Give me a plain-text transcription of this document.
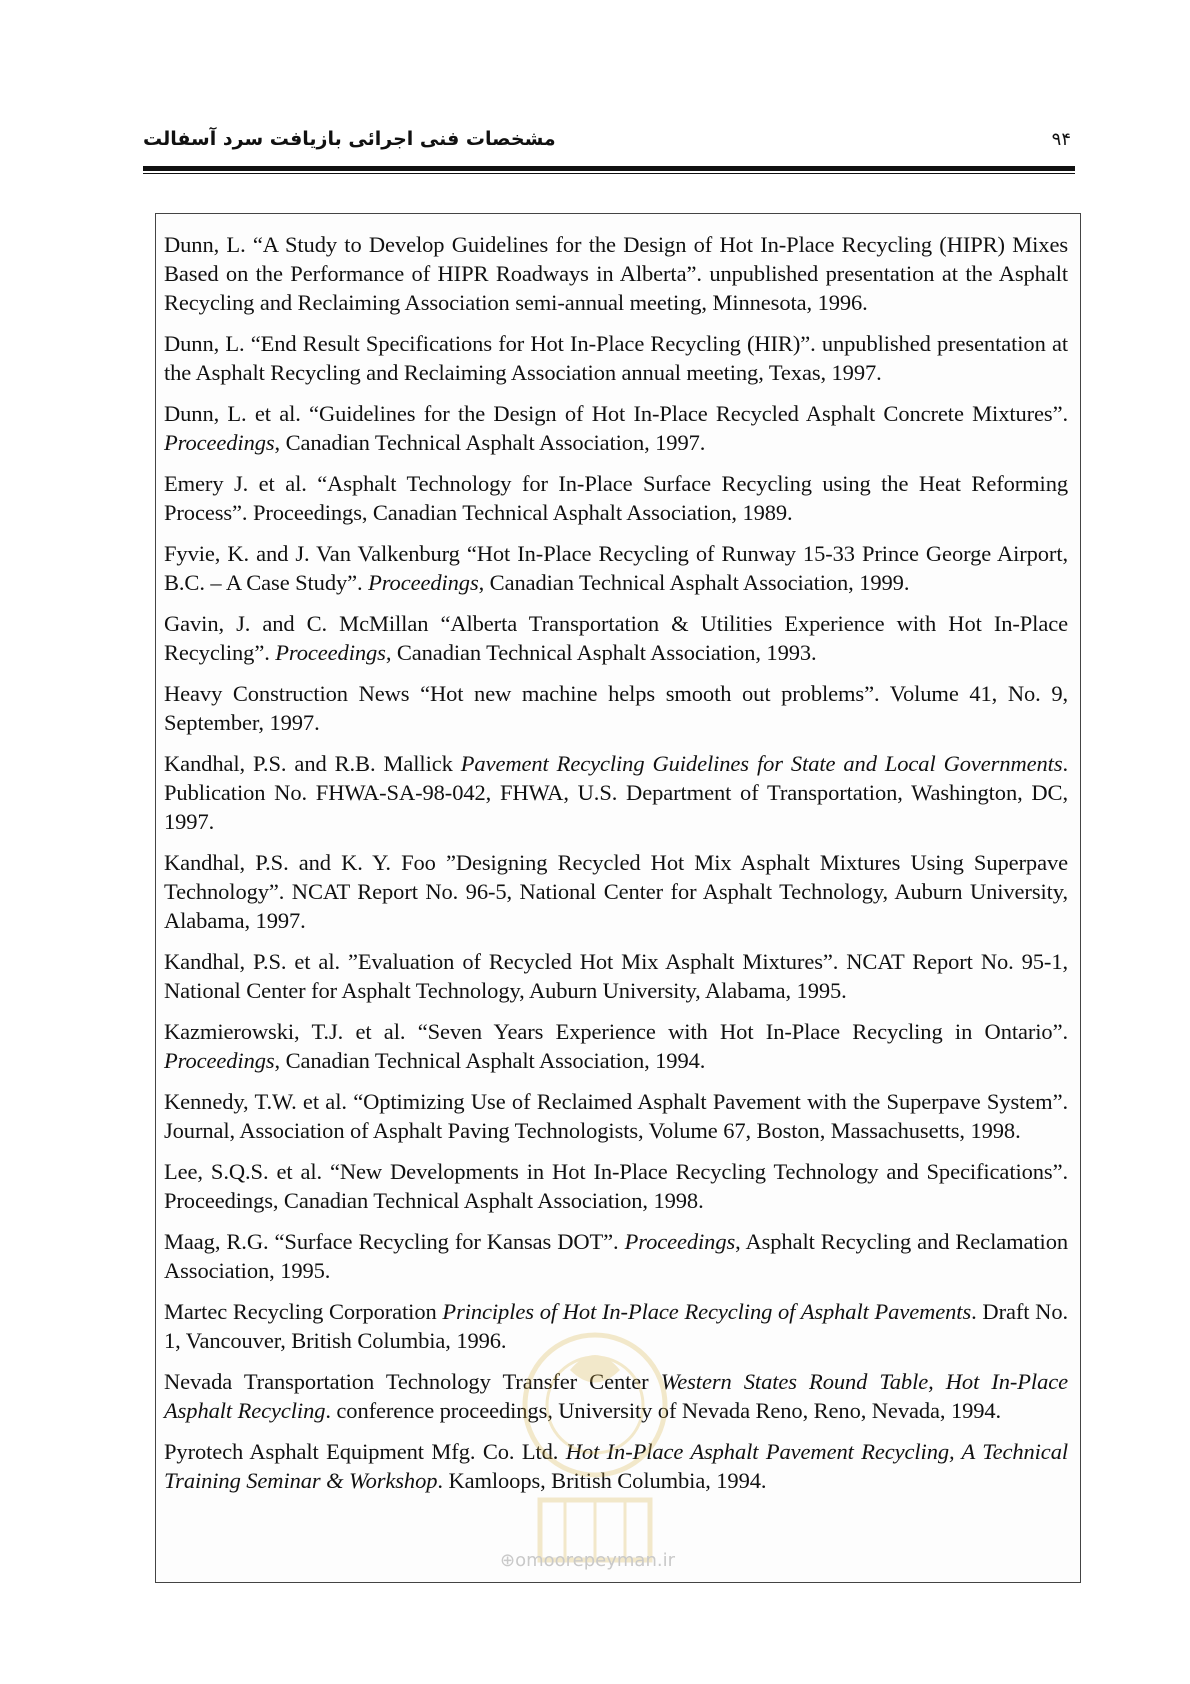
مشخصات فنی اجرائی بازیافت سرد آسفالت	۹۴

Dunn, L. “A Study to Develop Guidelines for the Design of Hot In-Place Recycling (HIPR) Mixes Based on the Performance of HIPR Roadways in Alberta”. unpublished presentation at the Asphalt Recycling and Reclaiming Association semi-annual meeting, Minnesota, 1996.

Dunn, L. “End Result Specifications for Hot In-Place Recycling (HIR)”. unpublished presentation at the Asphalt Recycling and Reclaiming Association annual meeting, Texas, 1997.

Dunn, L. et al. “Guidelines for the Design of Hot In-Place Recycled Asphalt Concrete Mixtures”. Proceedings, Canadian Technical Asphalt Association, 1997.

Emery J. et al. “Asphalt Technology for In-Place Surface Recycling using the Heat Reforming Process”. Proceedings, Canadian Technical Asphalt Association, 1989.

Fyvie, K. and J. Van Valkenburg “Hot In-Place Recycling of Runway 15-33 Prince George Airport, B.C. – A Case Study”. Proceedings, Canadian Technical Asphalt Association, 1999.

Gavin, J. and C. McMillan “Alberta Transportation & Utilities Experience with Hot In-Place Recycling”. Proceedings, Canadian Technical Asphalt Association, 1993.

Heavy Construction News “Hot new machine helps smooth out problems”. Volume 41, No. 9, September, 1997.

Kandhal, P.S. and R.B. Mallick Pavement Recycling Guidelines for State and Local Governments. Publication No. FHWA-SA-98-042, FHWA, U.S. Department of Transportation, Washington, DC, 1997.

Kandhal, P.S. and K. Y. Foo ”Designing Recycled Hot Mix Asphalt Mixtures Using Superpave Technology”. NCAT Report No. 96-5, National Center for Asphalt Technology, Auburn University, Alabama, 1997.

Kandhal, P.S. et al. ”Evaluation of Recycled Hot Mix Asphalt Mixtures”. NCAT Report No. 95-1, National Center for Asphalt Technology, Auburn University, Alabama, 1995.

Kazmierowski, T.J. et al. “Seven Years Experience with Hot In-Place Recycling in Ontario”. Proceedings, Canadian Technical Asphalt Association, 1994.

Kennedy, T.W. et al. “Optimizing Use of Reclaimed Asphalt Pavement with the Superpave System”. Journal, Association of Asphalt Paving Technologists, Volume 67, Boston, Massachusetts, 1998.

Lee, S.Q.S. et al. “New Developments in Hot In-Place Recycling Technology and Specifications”. Proceedings, Canadian Technical Asphalt Association, 1998.

Maag, R.G. “Surface Recycling for Kansas DOT”. Proceedings, Asphalt Recycling and Reclamation Association, 1995.

Martec Recycling Corporation Principles of Hot In-Place Recycling of Asphalt Pavements. Draft No. 1, Vancouver, British Columbia, 1996.

Nevada Transportation Technology Transfer Center Western States Round Table, Hot In-Place Asphalt Recycling. conference proceedings, University of Nevada Reno, Reno, Nevada, 1994.

Pyrotech Asphalt Equipment Mfg. Co. Ltd. Hot In-Place Asphalt Pavement Recycling, A Technical Training Seminar & Workshop. Kamloops, British Columbia, 1994.

⊕omoorepeyman.ir
